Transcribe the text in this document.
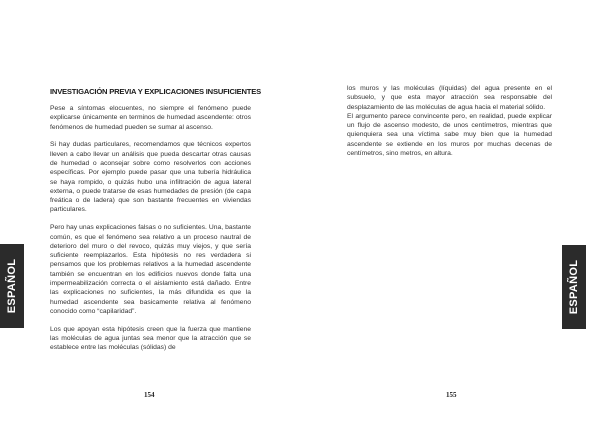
INVESTIGACIÓN PREVIA Y EXPLICACIONES INSUFICIENTES

Pese a síntomas elocuentes, no siempre el fenómeno puede explicarse únicamente en terminos de humedad ascendente: otros fenómenos de humedad pueden se sumar al ascenso.

Si hay dudas particulares, recomendamos que técnicos expertos lleven a cabo llevar un análisis que pueda descartar otras causas de humedad o aconsejar sobre como resolverlos con acciones específicas. Por ejemplo puede pasar que una tubería hidráulica se haya rompido, o quizás hubo una infiltración de agua lateral externa, o puede tratarse de esas humedades de presión (de capa freática o de ladera) que son bastante frecuentes en viviendas particulares.

Pero hay unas explicaciones falsas o no suficientes. Una, bastante común, es que el fenómeno sea relativo a un proceso nautral de deterioro del muro o del revoco, quizás muy viejos, y que sería suficiente reemplazarlos. Esta hipótesis no res verdadera si pensamos que los problemas relativos a la humedad ascendente también se encuentran en los edificios nuevos donde falta una impermeabilización correcta o el aislamiento está dañado. Entre las explicaciones no suficientes, la más difundida es que la humedad ascendente sea basicamente relativa al fenómeno conocido como “capilaridad”.

Los que apoyan esta hipótesis creen que la fuerza que mantiene las moléculas de agua juntas sea menor que la atracción que se establece entre las moléculas (sólidas) de

los muros y las moléculas (líquidas) del agua presente en el subsuelo, y que esta mayor atracción sea responsable del desplazamiento de las moléculas de agua hacia el material sólido.

El argumento parece convincente pero, en realidad, puede explicar un flujo de ascenso modesto, de unos centímetros, mientras que quienquiera sea una víctima sabe muy bien que la humedad ascendente se extiende en los muros por muchas decenas de centímetros, sino metros, en altura.

ESPAÑOL	ESPAÑOL
154	155
